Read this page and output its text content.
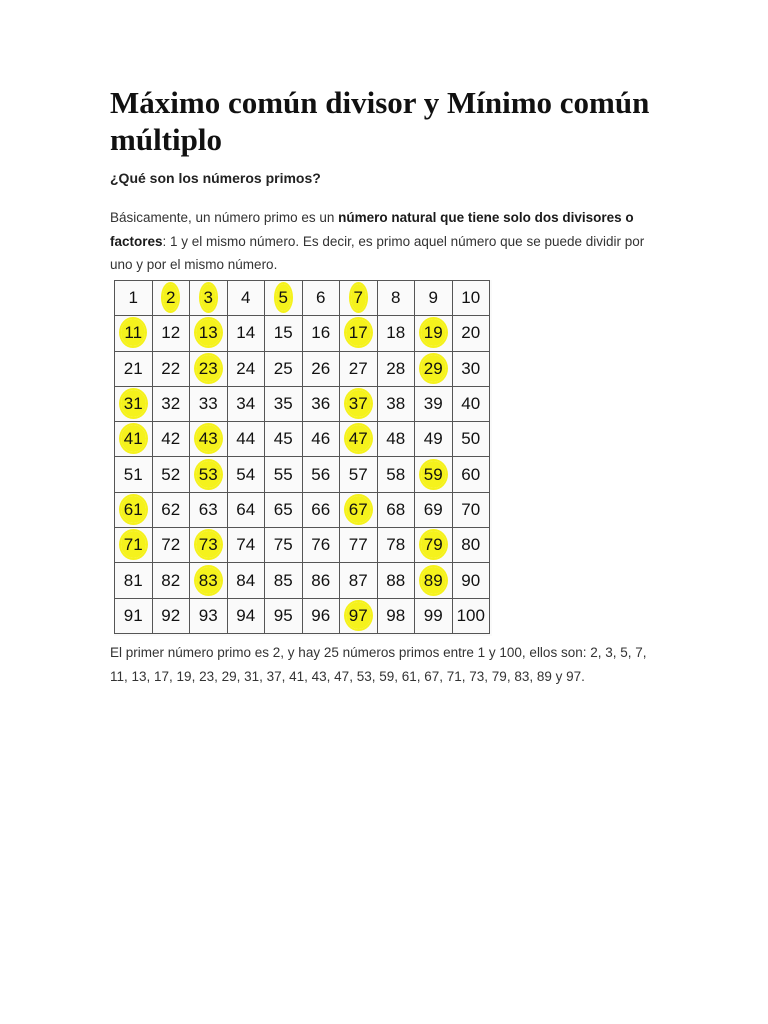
Máximo común divisor y Mínimo común múltiplo
¿Qué son los números primos?

Básicamente, un número primo es un número natural que tiene solo dos divisores o factores: 1 y el mismo número. Es decir, es primo aquel número que se puede dividir por uno y por el mismo número.

1	2	3	4	5	6	7	8	9	10
11	12	13	14	15	16	17	18	19	20
21	22	23	24	25	26	27	28	29	30
31	32	33	34	35	36	37	38	39	40
41	42	43	44	45	46	47	48	49	50
51	52	53	54	55	56	57	58	59	60
61	62	63	64	65	66	67	68	69	70
71	72	73	74	75	76	77	78	79	80
81	82	83	84	85	86	87	88	89	90
91	92	93	94	95	96	97	98	99	100

El primer número primo es 2, y hay 25 números primos entre 1 y 100, ellos son: 2, 3, 5, 7, 11, 13, 17, 19, 23, 29, 31, 37, 41, 43, 47, 53, 59, 61, 67, 71, 73, 79, 83, 89 y 97.
